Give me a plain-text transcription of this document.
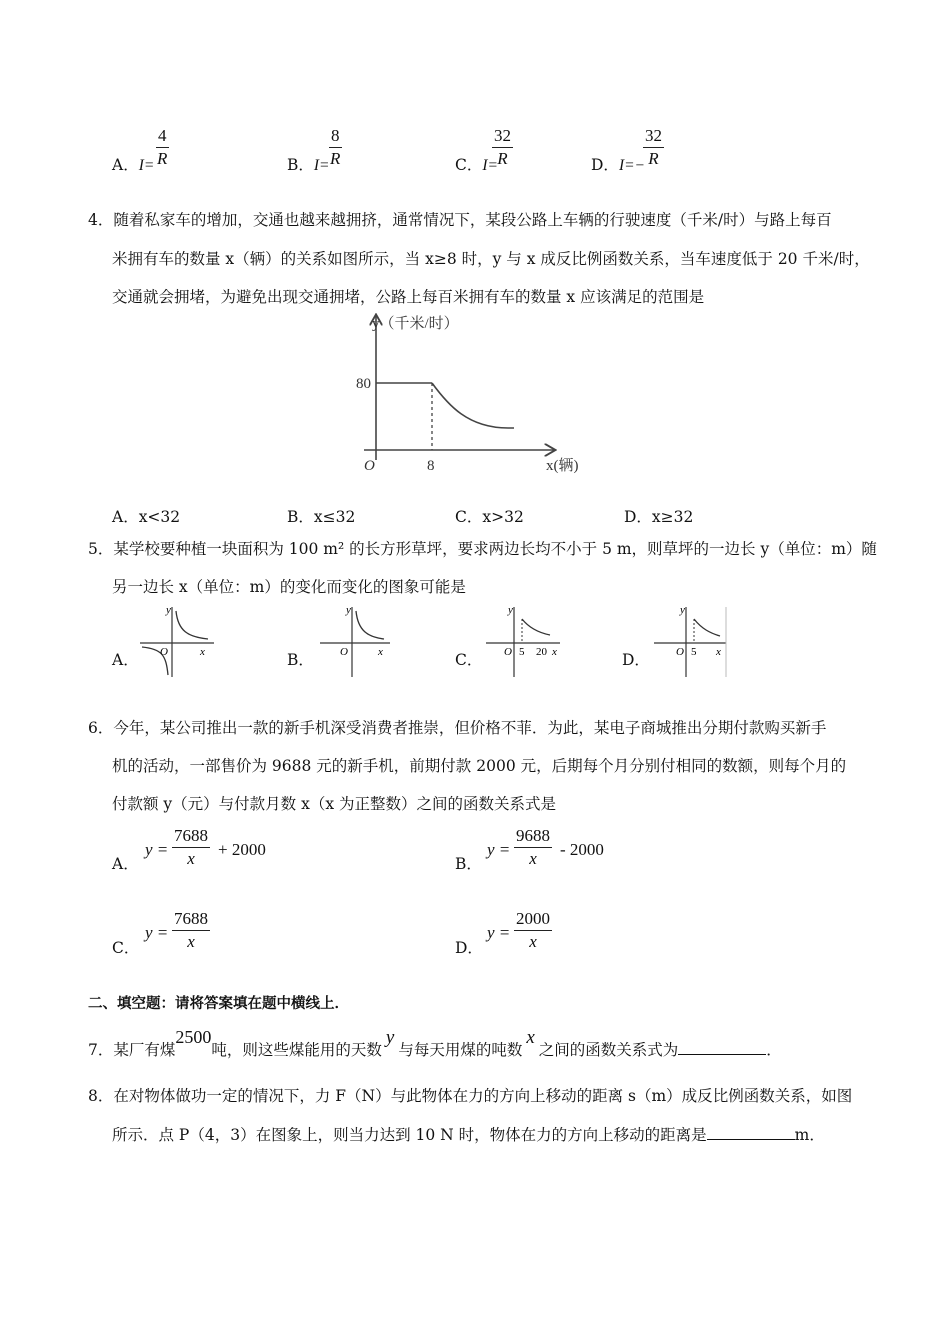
A．$I= \frac{4}{R}$	B．$I= \frac{8}{R}$	C．I=
$\frac{32}{R}$	D．I=−
$\frac{32}{R}$
4．随着私家车的增加，交通也越来越拥挤，通常情况下，某段公路上车辆的行驶速度（千米/时）与路上每百
米拥有车的数量 x（辆）的关系如图所示，当 x≥8 时，y 与 x 成反比例函数关系，当车速度低于 20 千米/时，
交通就会拥堵，为避免出现交通拥堵，公路上每百米拥有车的数量 x 应该满足的范围是
y（千米/时）
O
80
8	x(辆)
A．x<32	B．x≤32	C．x>32	D．x≥32
5．某学校要种植一块面积为 100 m² 的长方形草坪，要求两边长均不小于 5 m，则草坪的一边长 y（单位：m）随
另一边长 x（单位：m）的变化而变化的图象可能是
A．
y
O	x	B．
y
O	x	C．
y
O 5 20 x	D．
y
O 5 x
6．今年，某公司推出一款的新手机深受消费者推崇，但价格不菲．为此，某电子商城推出分期付款购买新手
机的活动，一部售价为 9688 元的新手机，前期付款 2000 元，后期每个月分别付相同的数额，则每个月的
付款额 y（元）与付款月数 x（x 为正整数）之间的函数关系式是
A．
$y = \frac{7688}{x} + 2000$
B．
$y = \frac{9688}{x} - 2000$
C．
$y = \frac{7688}{x}$	D．
$y = \frac{2000}{x}$
二、填空题：请将答案填在题中横线上．
7．某厂有煤2500吨，则这些煤能用的天数y与每天用煤的吨数x之间的函数关系式为	．
8．在对物体做功一定的情况下，力 F（N）与此物体在力的方向上移动的距离 s（m）成反比例函数关系，如图
所示．点 P（4，3）在图象上，则当力达到 10 N 时，物体在力的方向上移动的距离是	m．
